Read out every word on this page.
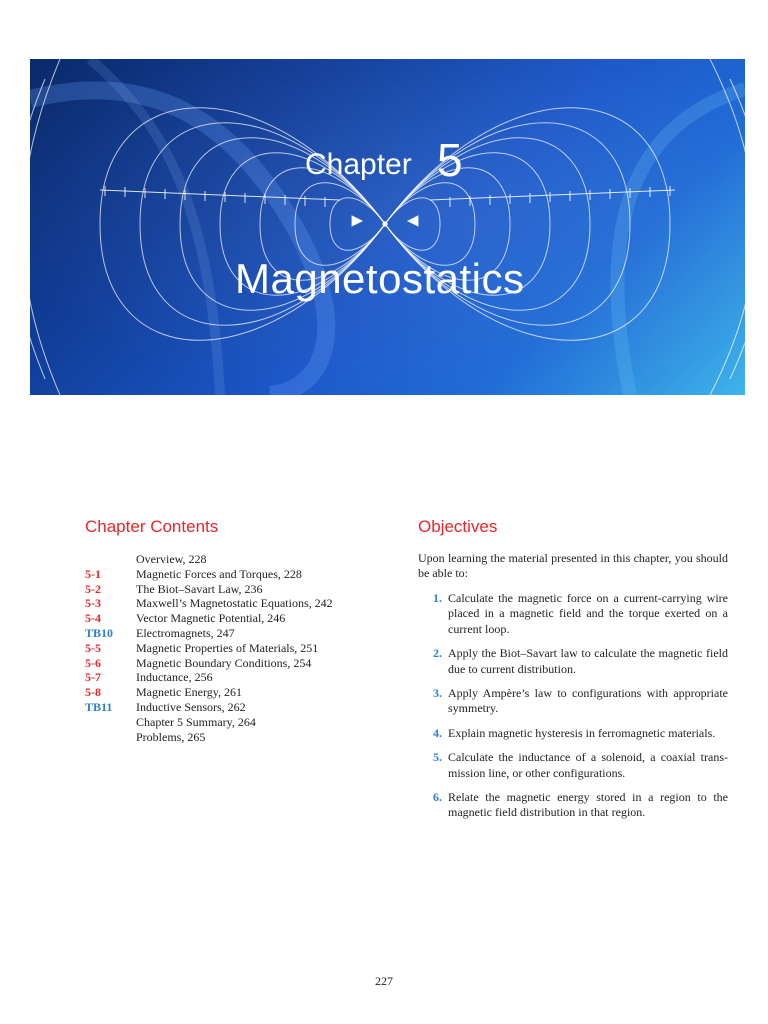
Chapter 5
Magnetostatics
Chapter Contents
Overview, 228
5-1	Magnetic Forces and Torques, 228
5-2	The Biot–Savart Law, 236
5-3	Maxwell’s Magnetostatic Equations, 242
5-4	Vector Magnetic Potential, 246
TB10	Electromagnets, 247
5-5	Magnetic Properties of Materials, 251
5-6	Magnetic Boundary Conditions, 254
5-7	Inductance, 256
5-8	Magnetic Energy, 261
TB11	Inductive Sensors, 262
Chapter 5 Summary, 264
Problems, 265
Objectives
Upon learning the material presented in this chapter, you should be able to:
1. Calculate the magnetic force on a current-carrying wire placed in a magnetic field and the torque exerted on a current loop.
2. Apply the Biot–Savart law to calculate the magnetic field due to current distribution.
3. Apply Ampère’s law to configurations with appropriate symmetry.
4. Explain magnetic hysteresis in ferromagnetic materials.
5. Calculate the inductance of a solenoid, a coaxial trans-mission line, or other configurations.
6. Relate the magnetic energy stored in a region to the magnetic field distribution in that region.
227
